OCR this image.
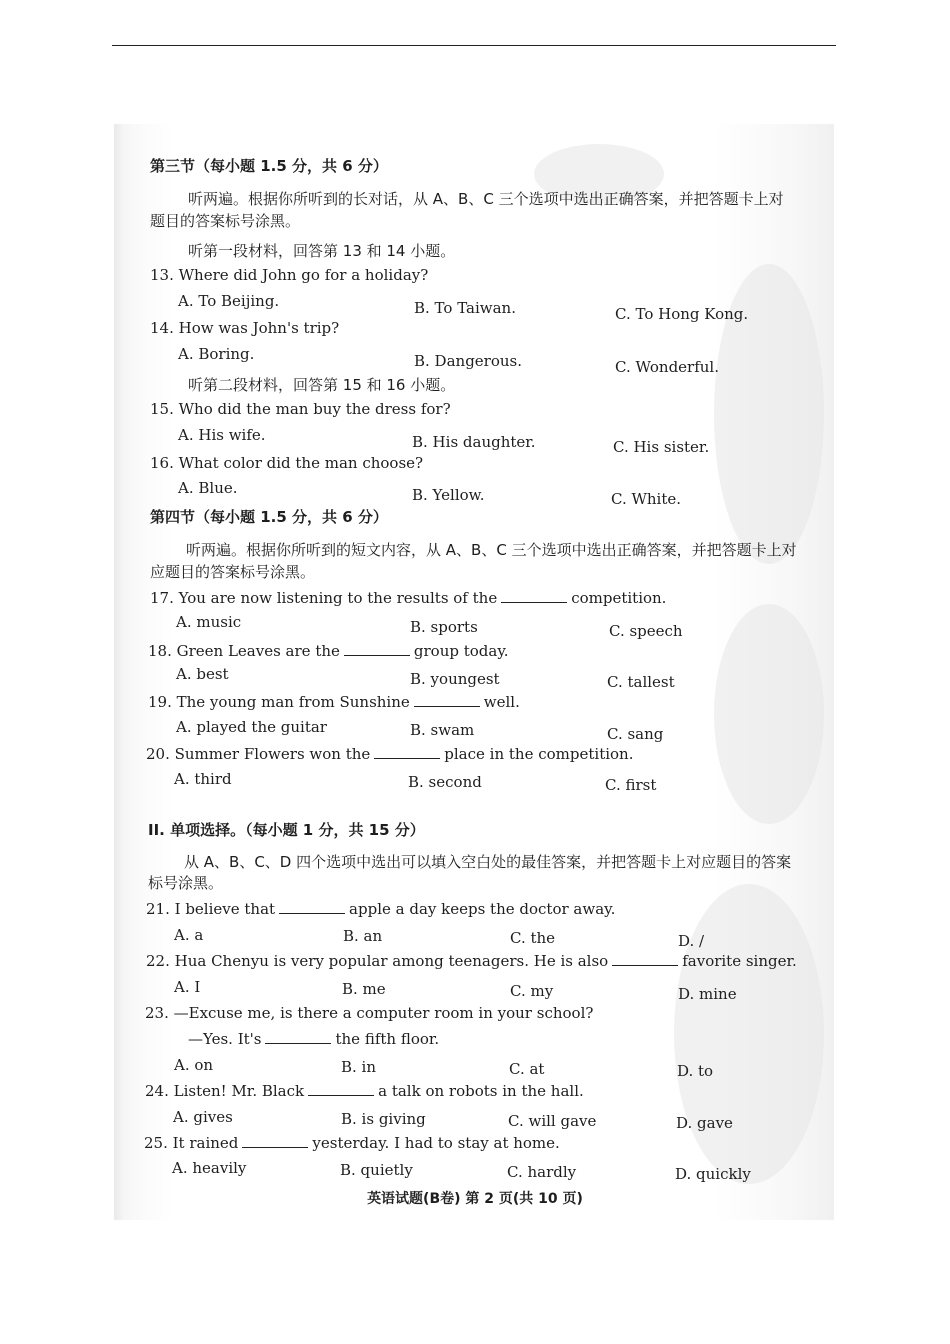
第三节（每小题 1.5 分，共 6 分）
听两遍。根据你所听到的长对话，从 A、B、C 三个选项中选出正确答案，并把答题卡上对
题目的答案标号涂黑。
听第一段材料，回答第 13 和 14 小题。
13. Where did John go for a holiday?
A. To Beijing.	B. To Taiwan.	C. To Hong Kong.
14. How was John's trip?
A. Boring.	B. Dangerous.	C. Wonderful.
听第二段材料，回答第 15 和 16 小题。
15. Who did the man buy the dress for?
A. His wife.	B. His daughter.	C. His sister.
16. What color did the man choose?
A. Blue.	B. Yellow.	C. White.
第四节（每小题 1.5 分，共 6 分）
听两遍。根据你所听到的短文内容，从 A、B、C 三个选项中选出正确答案，并把答题卡上对
应题目的答案标号涂黑。
17. You are now listening to the results of the	competition.
A. music	B. sports	C. speech
18. Green Leaves are the	group today.
A. best	B. youngest	C. tallest
19. The young man from Sunshine	well.
A. played the guitar	B. swam	C. sang
20. Summer Flowers won the	place in the competition.
A. third	B. second	C. first
II. 单项选择。（每小题 1 分，共 15 分）
从 A、B、C、D 四个选项中选出可以填入空白处的最佳答案，并把答题卡上对应题目的答案
标号涂黑。
21. I believe that	apple a day keeps the doctor away.
A. a	B. an	C. the	D. /
22. Hua Chenyu is very popular among teenagers. He is also	favorite singer.
A. I	B. me	C. my	D. mine
23. —Excuse me, is there a computer room in your school?
—Yes. It's	the fifth floor.
A. on	B. in	C. at	D. to
24. Listen! Mr. Black	a talk on robots in the hall.
A. gives	B. is giving	C. will gave	D. gave
25. It rained	yesterday. I had to stay at home.
A. heavily	B. quietly	C. hardly	D. quickly
英语试题(B卷) 第 2 页(共 10 页)
